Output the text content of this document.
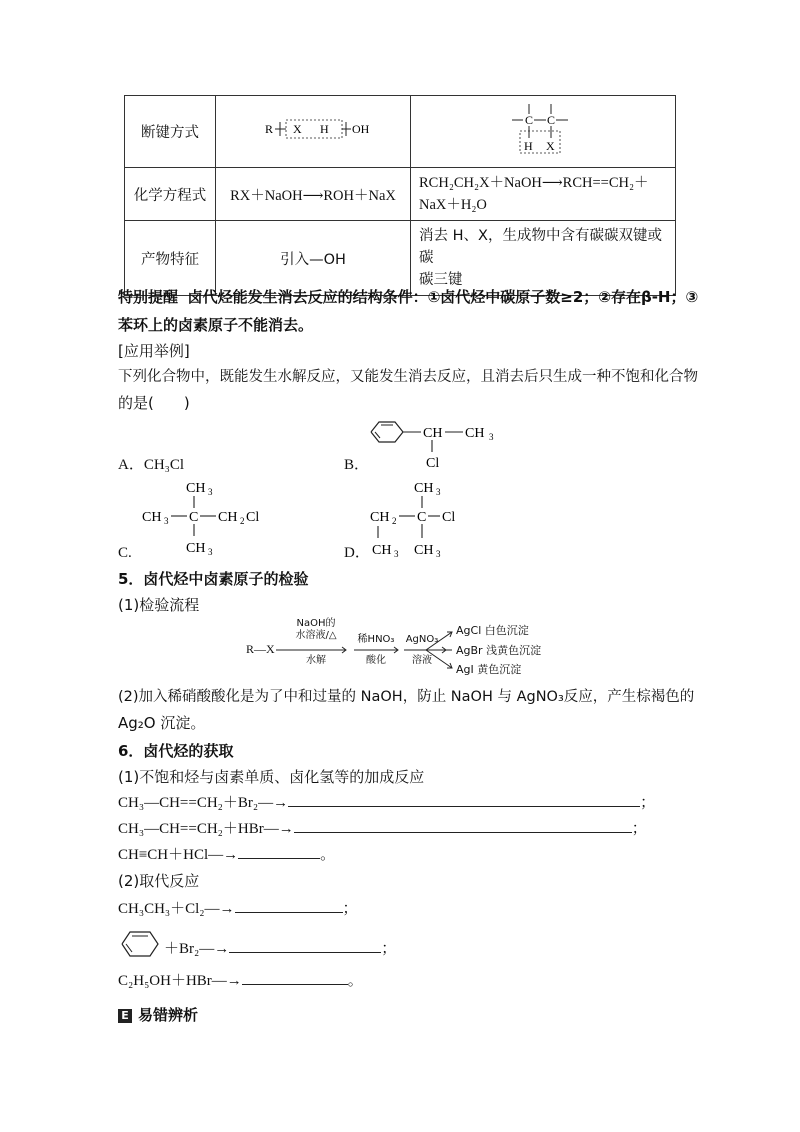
断键方式	R X H OH	C C
H X

化学方程式	RX＋NaOH⟶ROH＋NaX	RCH₂CH₂X＋NaOH⟶RCH==CH₂＋
NaX＋H₂O

产物特征	引入—OH	消去 H、X，生成物中含有碳碳双键或碳
碳三键
特别提醒 卤代烃能发生消去反应的结构条件：①卤代烃中碳原子数≥2；②存在β-H；③
苯环上的卤素原子不能消去。
[应用举例]
下列化合物中，既能发生水解反应，又能发生消去反应，且消去后只生成一种不饱和化合物
的是(　　)
CH CH 3
Cl
A．CH₃Cl	B．
CH 3
CH 3 C CH 2 Cl
CH 3
CH 3
CH 2 C Cl
CH 3 CH 3
C.	D．
5．卤代烃中卤素原子的检验
(1)检验流程
R—X
NaOH的
水溶液/△
水解
稀HNO₃
酸化
AgNO₃
溶液
AgCl 白色沉淀
AgBr 浅黄色沉淀
AgI 黄色沉淀
(2)加入稀硝酸酸化是为了中和过量的 NaOH，防止 NaOH 与 AgNO₃反应，产生棕褐色的
Ag₂O 沉淀。
6．卤代烃的获取
(1)不饱和烃与卤素单质、卤化氢等的加成反应
CH₃—CH==CH₂＋Br₂―→	；
CH₃—CH==CH₂＋HBr―→	；
CH≡CH＋HCl―→	。
(2)取代反应
CH₃CH₃＋Cl₂―→	；
＋Br₂―→	；
C₂H₅OH＋HBr―→	。
E 易错辨析
